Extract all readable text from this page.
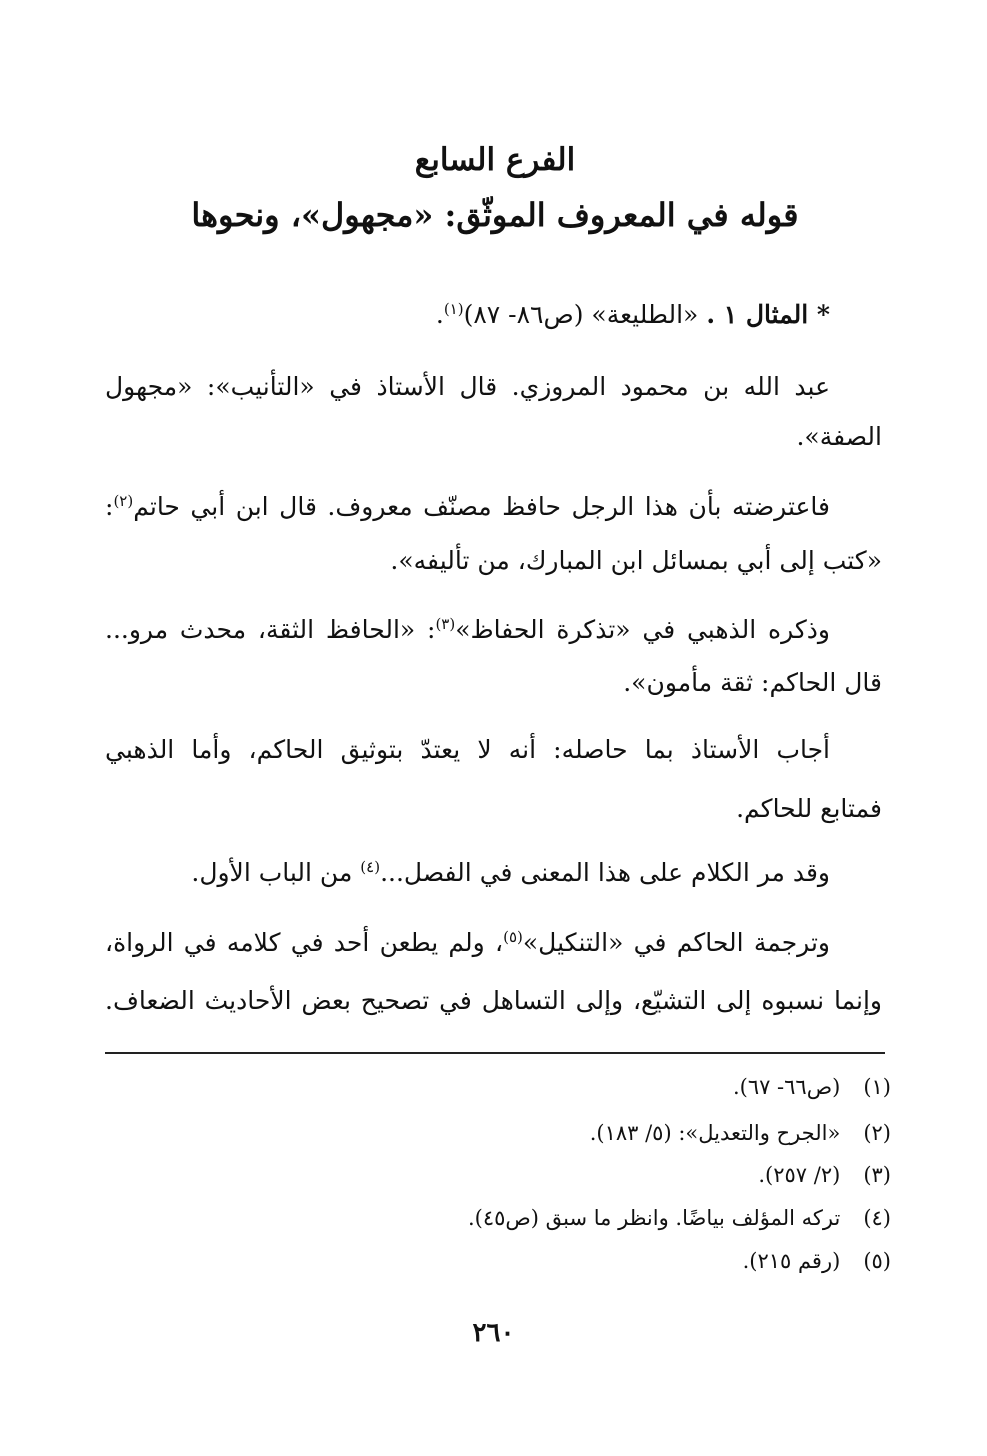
الفرع السابع
قوله في المعروف الموثّق: «مجهول»، ونحوها
* المثال ١ . «الطليعة» (ص٨٦- ٨٧)$^{(١)}$.
عبد الله بن محمود المروزي. قال الأستاذ في «التأنيب»: «مجهول
الصفة».
فاعترضته بأن هذا الرجل حافظ مصنّف معروف. قال ابن أبي حاتم$^{(٢)}$:
«كتب إلى أبي بمسائل ابن المبارك، من تأليفه».
وذكره الذهبي في «تذكرة الحفاظ»$^{(٣)}$: «الحافظ الثقة، محدث مرو...
قال الحاكم: ثقة مأمون».
أجاب الأستاذ بما حاصله: أنه لا يعتدّ بتوثيق الحاكم، وأما الذهبي
فمتابع للحاكم.
وقد مر الكلام على هذا المعنى في الفصل...$^{(٤)}$ من الباب الأول.
وترجمة الحاكم في «التنكيل»$^{(٥)}$، ولم يطعن أحد في كلامه في الرواة،
وإنما نسبوه إلى التشيّع، وإلى التساهل في تصحيح بعض الأحاديث الضعاف.
(١) (ص٦٦- ٦٧).
(٢) «الجرح والتعديل»: (٥/ ١٨٣).
(٣) (٢/ ٢٥٧).
(٤) تركه المؤلف بياضًا. وانظر ما سبق (ص٤٥).
(٥) (رقم ٢١٥).
٢٦٠
